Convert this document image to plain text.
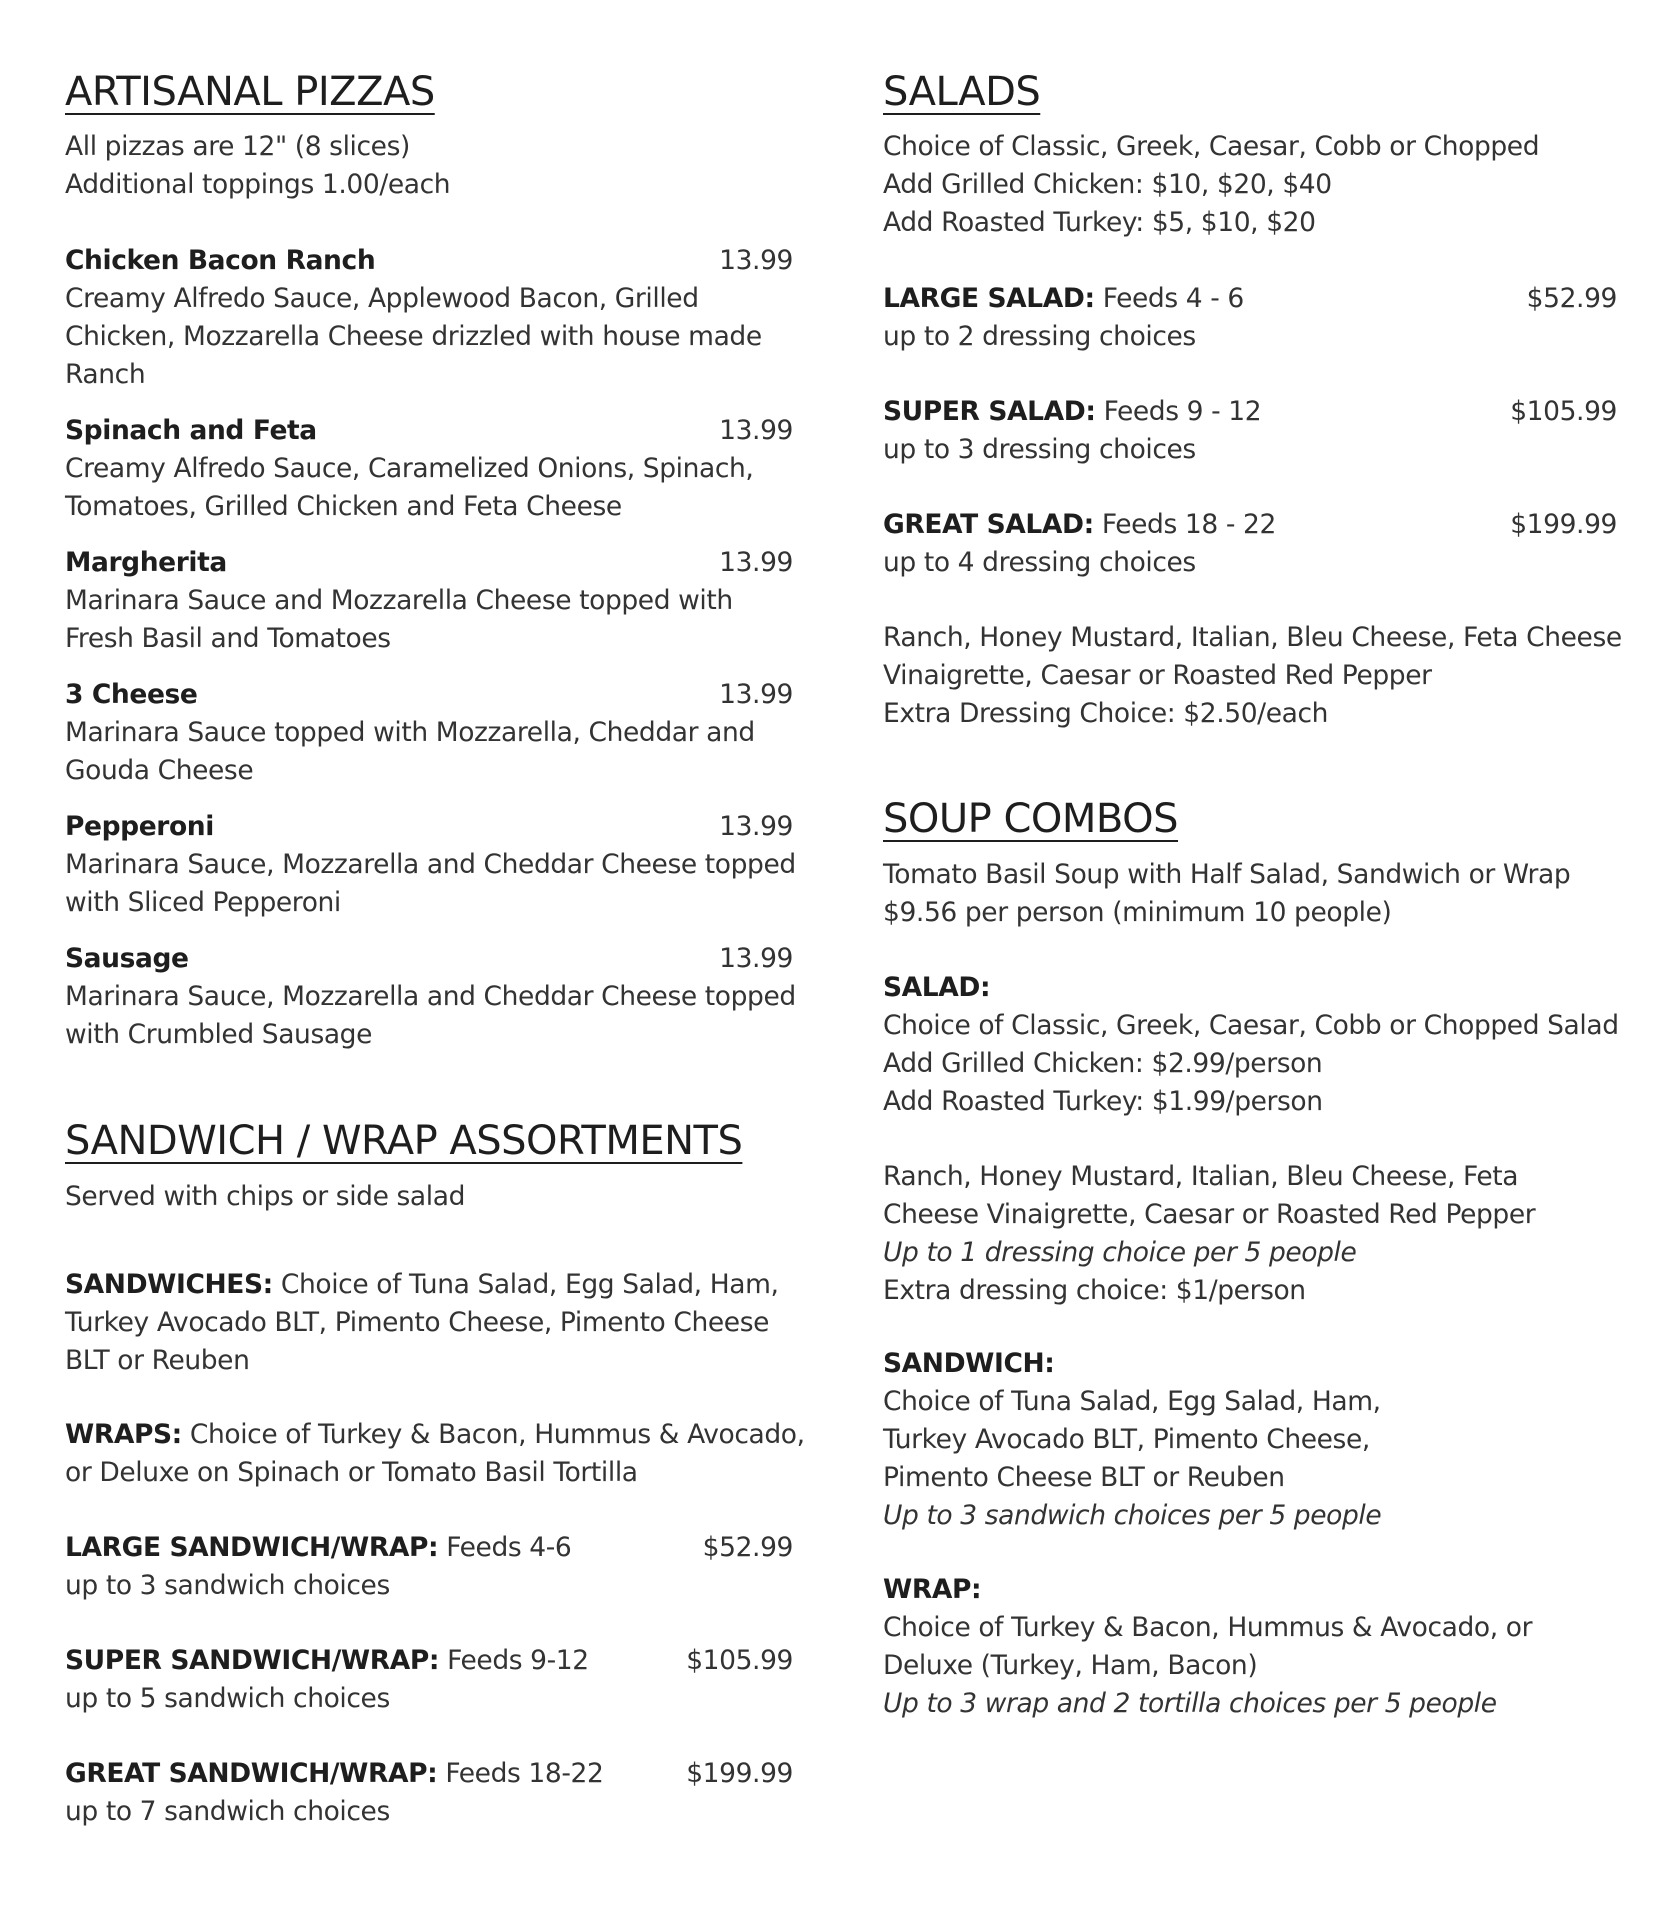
ARTISANAL PIZZAS
All pizzas are 12" (8 slices)
Additional toppings 1.00/each
Chicken Bacon Ranch	13.99
Creamy Alfredo Sauce, Applewood Bacon, Grilled
Chicken, Mozzarella Cheese drizzled with house made
Ranch
Spinach and Feta	13.99
Creamy Alfredo Sauce, Caramelized Onions, Spinach,
Tomatoes, Grilled Chicken and Feta Cheese
Margherita	13.99
Marinara Sauce and Mozzarella Cheese topped with
Fresh Basil and Tomatoes
3 Cheese	13.99
Marinara Sauce topped with Mozzarella, Cheddar and
Gouda Cheese
Pepperoni	13.99
Marinara Sauce, Mozzarella and Cheddar Cheese topped
with Sliced Pepperoni
Sausage	13.99
Marinara Sauce, Mozzarella and Cheddar Cheese topped
with Crumbled Sausage
SANDWICH / WRAP ASSORTMENTS
Served with chips or side salad
SANDWICHES: Choice of Tuna Salad, Egg Salad, Ham,
Turkey Avocado BLT, Pimento Cheese, Pimento Cheese
BLT or Reuben
WRAPS: Choice of Turkey & Bacon, Hummus & Avocado,
or Deluxe on Spinach or Tomato Basil Tortilla
LARGE SANDWICH/WRAP: Feeds 4-6	$52.99
up to 3 sandwich choices
SUPER SANDWICH/WRAP: Feeds 9-12	$105.99
up to 5 sandwich choices
GREAT SANDWICH/WRAP: Feeds 18-22	$199.99
up to 7 sandwich choices
SALADS
Choice of Classic, Greek, Caesar, Cobb or Chopped
Add Grilled Chicken: $10, $20, $40
Add Roasted Turkey: $5, $10, $20
LARGE SALAD: Feeds 4 - 6	$52.99
up to 2 dressing choices
SUPER SALAD: Feeds 9 - 12	$105.99
up to 3 dressing choices
GREAT SALAD: Feeds 18 - 22	$199.99
up to 4 dressing choices
Ranch, Honey Mustard, Italian, Bleu Cheese, Feta Cheese
Vinaigrette, Caesar or Roasted Red Pepper
Extra Dressing Choice: $2.50/each
SOUP COMBOS
Tomato Basil Soup with Half Salad, Sandwich or Wrap
$9.56 per person (minimum 10 people)
SALAD:
Choice of Classic, Greek, Caesar, Cobb or Chopped Salad
Add Grilled Chicken: $2.99/person
Add Roasted Turkey: $1.99/person
Ranch, Honey Mustard, Italian, Bleu Cheese, Feta
Cheese Vinaigrette, Caesar or Roasted Red Pepper
Up to 1 dressing choice per 5 people
Extra dressing choice: $1/person
SANDWICH:
Choice of Tuna Salad, Egg Salad, Ham,
Turkey Avocado BLT, Pimento Cheese,
Pimento Cheese BLT or Reuben
Up to 3 sandwich choices per 5 people
WRAP:
Choice of Turkey & Bacon, Hummus & Avocado, or
Deluxe (Turkey, Ham, Bacon)
Up to 3 wrap and 2 tortilla choices per 5 people
